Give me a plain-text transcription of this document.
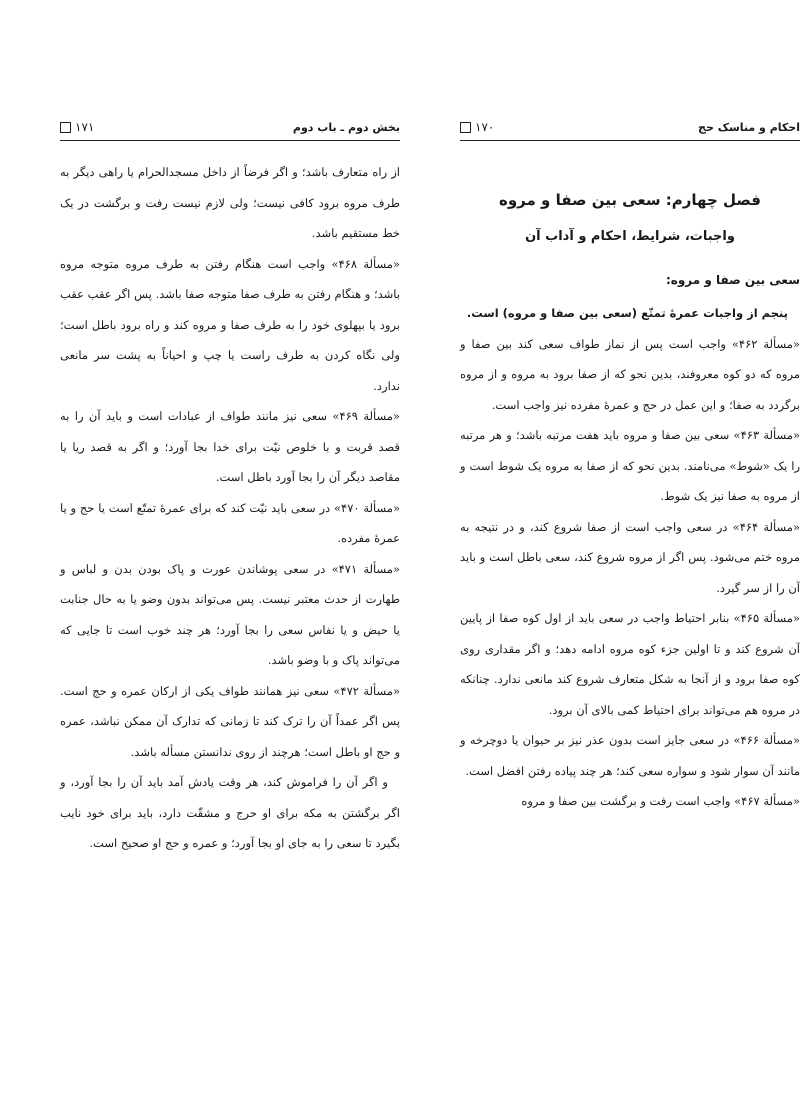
بخش دوم ـ باب دوم
۱۷۱

از راه متعارف باشد؛ و اگر فرضاً از داخل مسجدالحرام یا راهی دیگر به طرف مروه برود کافی نیست؛ ولی لازم نیست رفت و برگشت در یک خط مستقیم باشد.

«مسألة ۴۶۸» واجب است هنگام رفتن به طرف مروه متوجه مروه باشد؛ و هنگام رفتن به طرف صفا متوجه صفا باشد. پس اگر عقب عقب برود یا بپهلوی خود را به طرف صفا و مروه کند و راه برود باطل است؛ ولی نگاه کردن به طرف راست یا چپ و احیاناً به پشت سر مانعی ندارد.

«مسألة ۴۶۹» سعی نیز مانند طواف از عبادات است و باید آن را به قصد قربت و با خلوص نیّت برای خدا بجا آورد؛ و اگر به قصد ریا یا مقاصد دیگر آن را بجا آورد باطل است.

«مسألة ۴۷۰» در سعی باید نیّت کند که برای عمرهٔ تمتّع است یا حج و یا عمرهٔ مفرده.

«مسألة ۴۷۱» در سعی پوشاندن عورت و پاک بودن بدن و لباس و طهارت از حدث معتبر نیست. پس می‌تواند بدون وضو یا به حال جنابت یا حیض و یا نفاس سعی را بجا آورد؛ هر چند خوب است تا جایی که می‌تواند پاک و با وضو باشد.

«مسألة ۴۷۲» سعی نیز همانند طواف یکی از ارکان عمره و حج است. پس اگر عمداً آن را ترک کند تا زمانی که تدارک آن ممکن نباشد، عمره و حج او باطل است؛ هرچند از روی ندانستن مسأله باشد.

و اگر آن را فراموش کند، هر وقت یادش آمد باید آن را بجا آورد، و اگر برگشتن به مکه برای او حرج و مشقّت دارد، باید برای خود نایب بگیرد تا سعی را به جای او بجا آورد؛ و عمره و حج او صحیح است.

احکام و مناسک حج
۱۷۰
فصل چهارم: سعی بین صفا و مروه
واجبات، شرایط، احکام و آداب آن
سعی بین صفا و مروه:

پنجم از واجبات عمرهٔ تمتّع (سعی بین صفا و مروه) است.

«مسألة ۴۶۲» واجب است پس از نماز طواف سعی کند بین صفا و مروه که دو کوه معروفند، بدین نحو که از صفا برود به مروه و از مروه برگردد به صفا؛ و این عمل در حج و عمرهٔ مفرده نیز واجب است.

«مسألة ۴۶۳» سعی بین صفا و مروه باید هفت مرتبه باشد؛ و هر مرتبه را یک «شوط» می‌نامند. بدین نحو که از صفا به مروه یک شوط است و از مروه به صفا نیز یک شوط.

«مسألة ۴۶۴» در سعی واجب است از صفا شروع کند، و در نتیجه به مروه ختم می‌شود. پس اگر از مروه شروع کند، سعی باطل است و باید آن را از سر گیرد.

«مسألة ۴۶۵» بنابر احتیاط واجب در سعی باید از اول کوه صفا از پایین آن شروع کند و تا اولین جزء کوه مروه ادامه دهد؛ و اگر مقداری روی کوه صفا برود و از آنجا به شکل متعارف شروع کند مانعی ندارد. چنانکه در مروه هم می‌تواند برای احتیاط کمی بالای آن برود.

«مسألة ۴۶۶» در سعی جایز است بدون عذر نیز بر حیوان یا دوچرخه و مانند آن سوار شود و سواره سعی کند؛ هر چند پیاده رفتن افضل است.

«مسألة ۴۶۷» واجب است رفت و برگشت بین صفا و مروه
